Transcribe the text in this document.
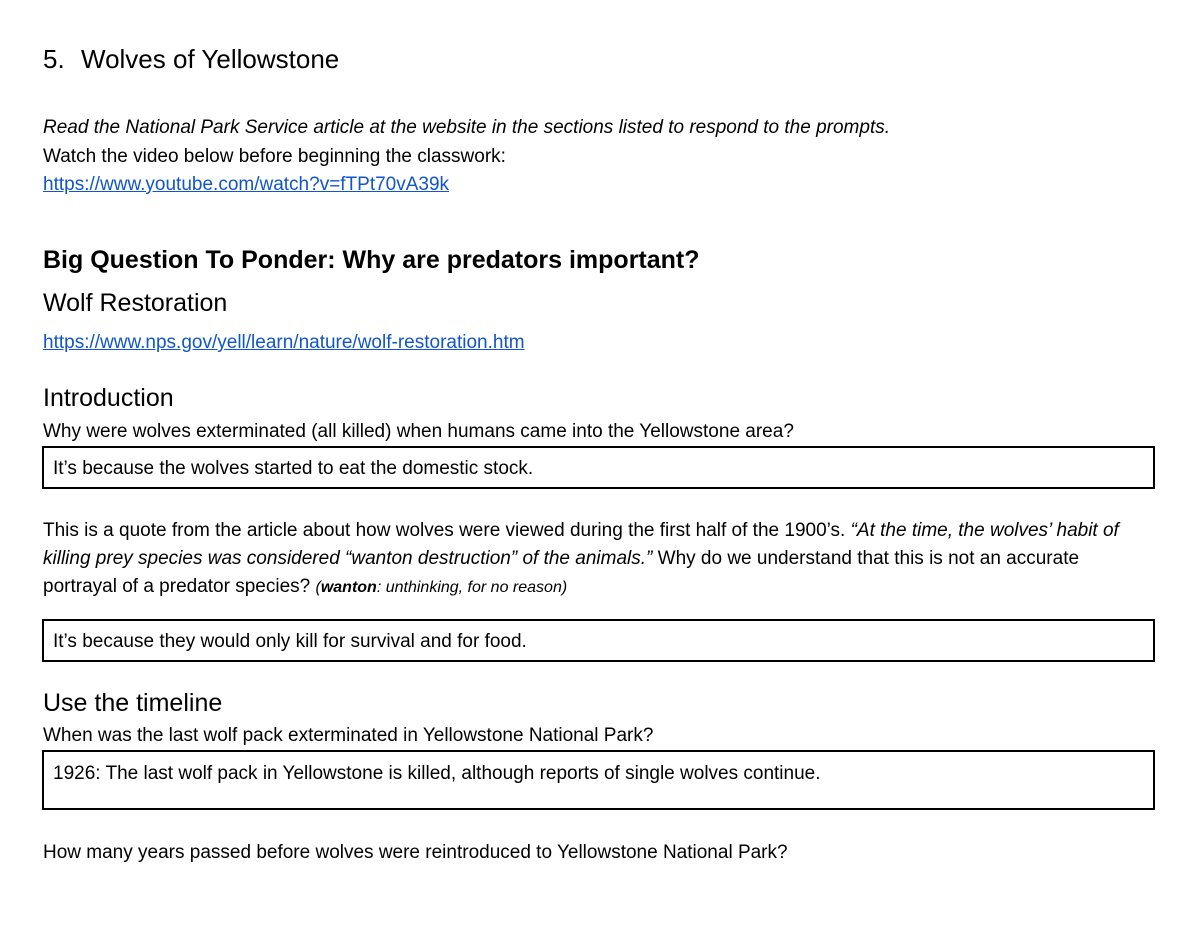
5. Wolves of Yellowstone
Read the National Park Service article at the website in the sections listed to respond to the prompts.
Watch the video below before beginning the classwork:
https://www.youtube.com/watch?v=fTPt70vA39k
Big Question To Ponder: Why are predators important?
Wolf Restoration
https://www.nps.gov/yell/learn/nature/wolf-restoration.htm
Introduction
Why were wolves exterminated (all killed) when humans came into the Yellowstone area?
It’s because the wolves started to eat the domestic stock.
This is a quote from the article about how wolves were viewed during the first half of the 1900’s. “At the time, the wolves’ habit of killing prey species was considered “wanton destruction” of the animals.” Why do we understand that this is not an accurate portrayal of a predator species? (wanton: unthinking, for no reason)
It’s because they would only kill for survival and for food.
Use the timeline
When was the last wolf pack exterminated in Yellowstone National Park?
1926: The last wolf pack in Yellowstone is killed, although reports of single wolves continue.
How many years passed before wolves were reintroduced to Yellowstone National Park?
